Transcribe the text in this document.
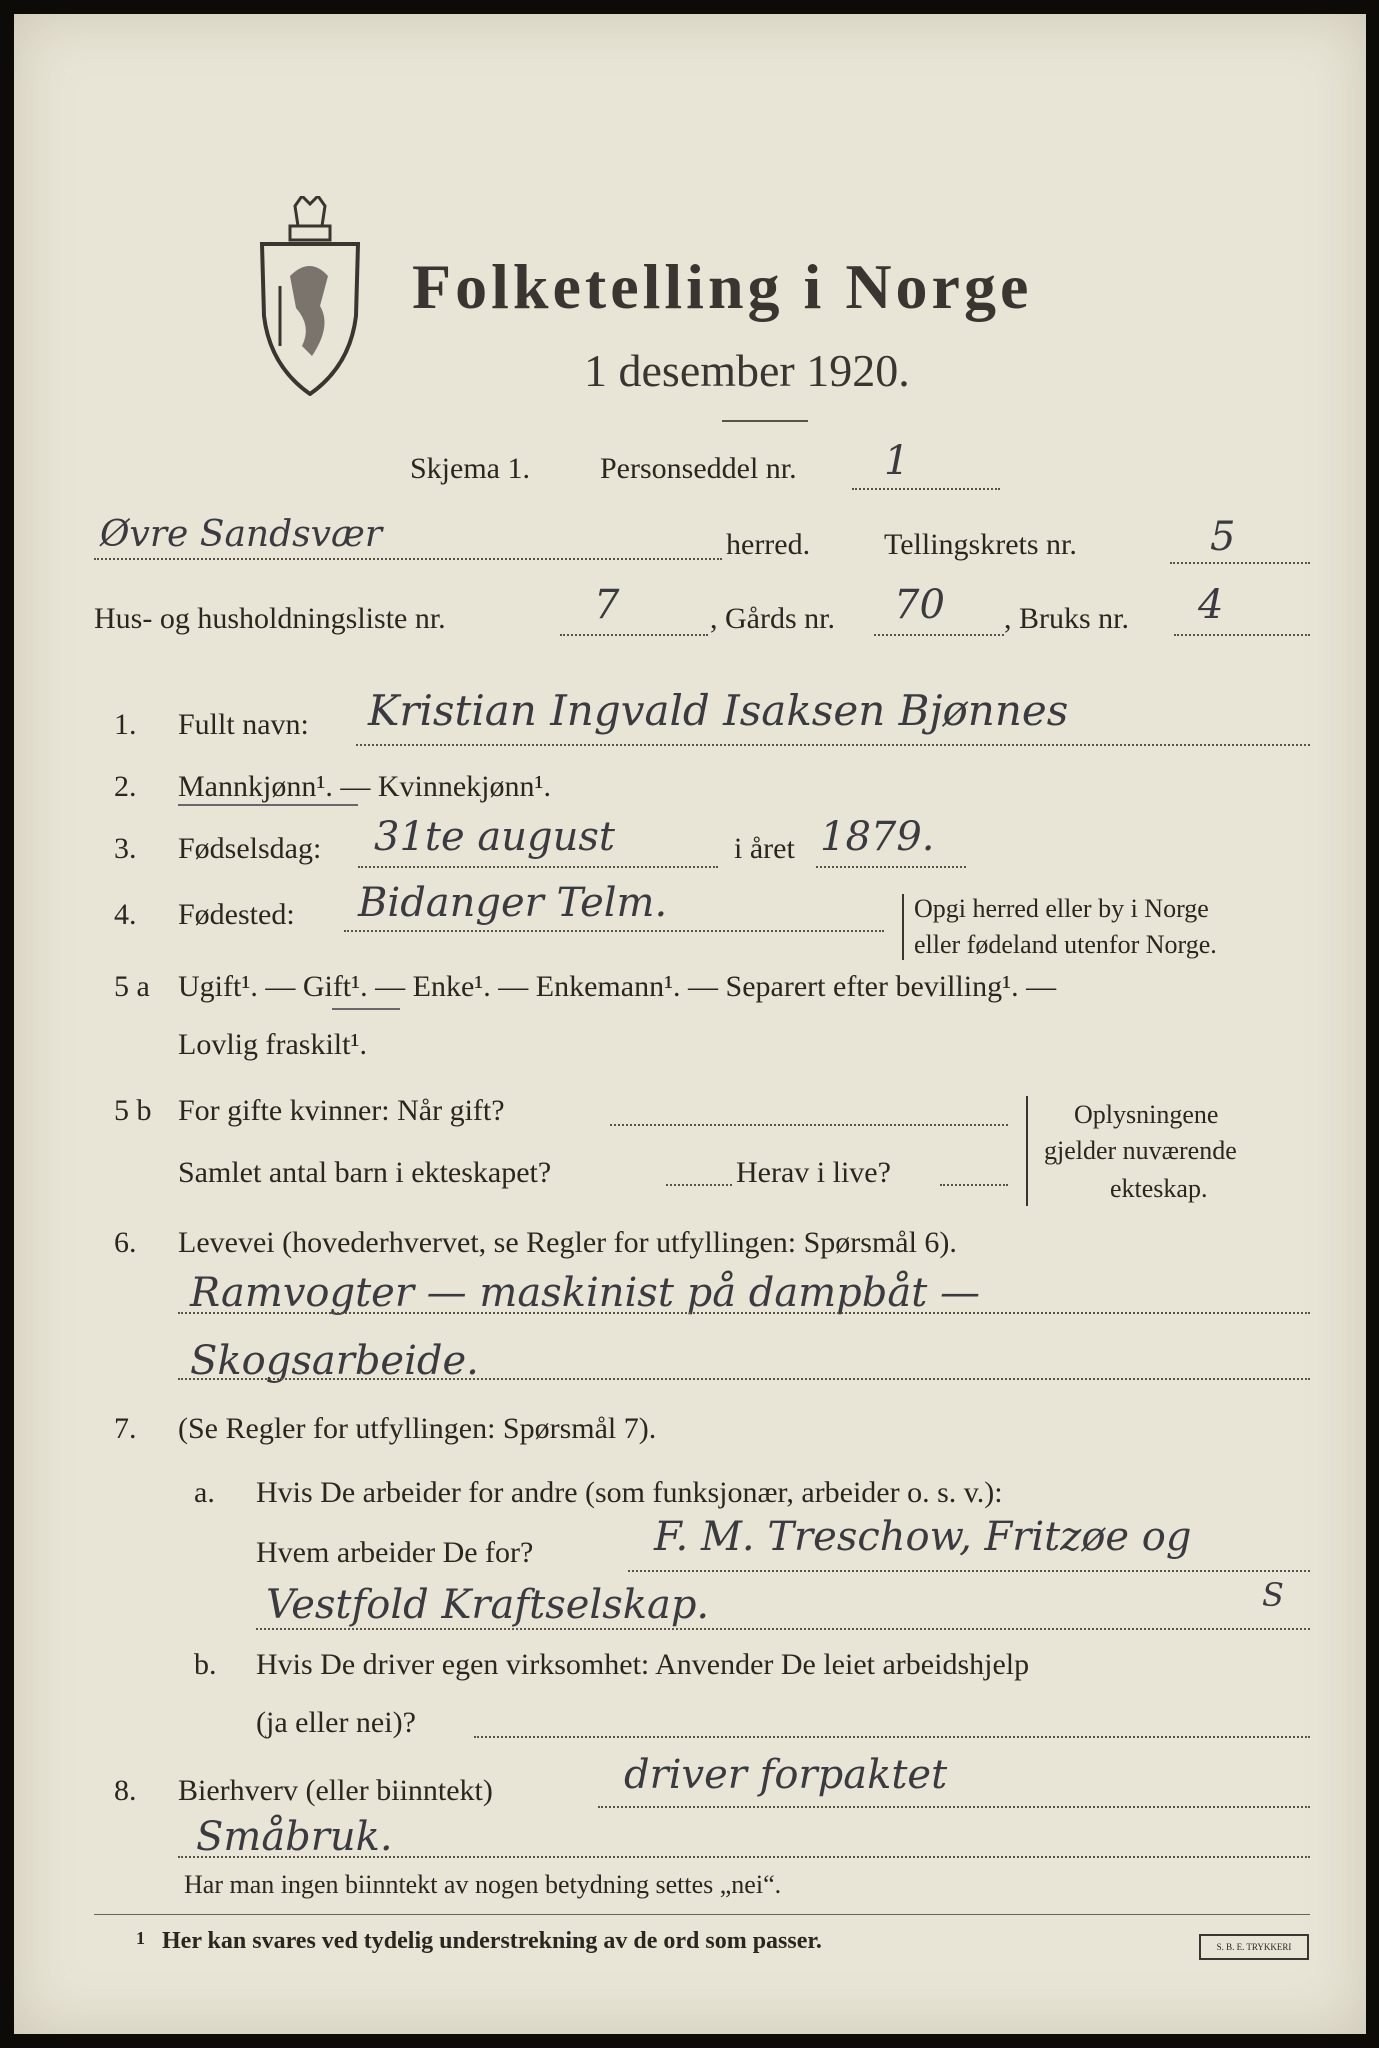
Folketelling i Norge
1 desember 1920.
Skjema 1. Personseddel nr. 1
Øvre Sandsvær	herred. Tellingskrets nr.	5
Hus- og husholdningsliste nr.	7	, Gårds nr. 70 , Bruks nr. 4
1. Fullt navn: Kristian Ingvald Isaksen Bjønnes
2. Mannkjønn¹. — Kvinnekjønn¹.
3. Fødselsdag: 31te august	i året 1879.
4. Fødested: Bidanger Telm.	Opgi herred eller by i Norge
eller fødeland utenfor Norge.
5 a Ugift¹. — Gift¹. — Enke¹. — Enkemann¹. — Separert efter bevilling¹. —
Lovlig fraskilt¹.
5 b For gifte kvinner: Når gift?
Samlet antal barn i ekteskapet?	Herav i live?
Oplysningene
gjelder nuværende
ekteskap.
6. Levevei (hovederhvervet, se Regler for utfyllingen: Spørsmål 6).
Ramvogter — maskinist på dampbåt —
Skogsarbeide.
7. (Se Regler for utfyllingen: Spørsmål 7).
a. Hvis De arbeider for andre (som funksjonær, arbeider o. s. v.):
Hvem arbeider De for?	F. M. Treschow, Fritzøe og
Vestfold Kraftselskap.	S
b. Hvis De driver egen virksomhet: Anvender De leiet arbeidshjelp
(ja eller nei)?
8. Bierhverv (eller biinntekt)	driver forpaktet
Småbruk.
Har man ingen biinntekt av nogen betydning settes „nei“.
1 Her kan svares ved tydelig understrekning av de ord som passer.	S. B. E. TRYKKERI
